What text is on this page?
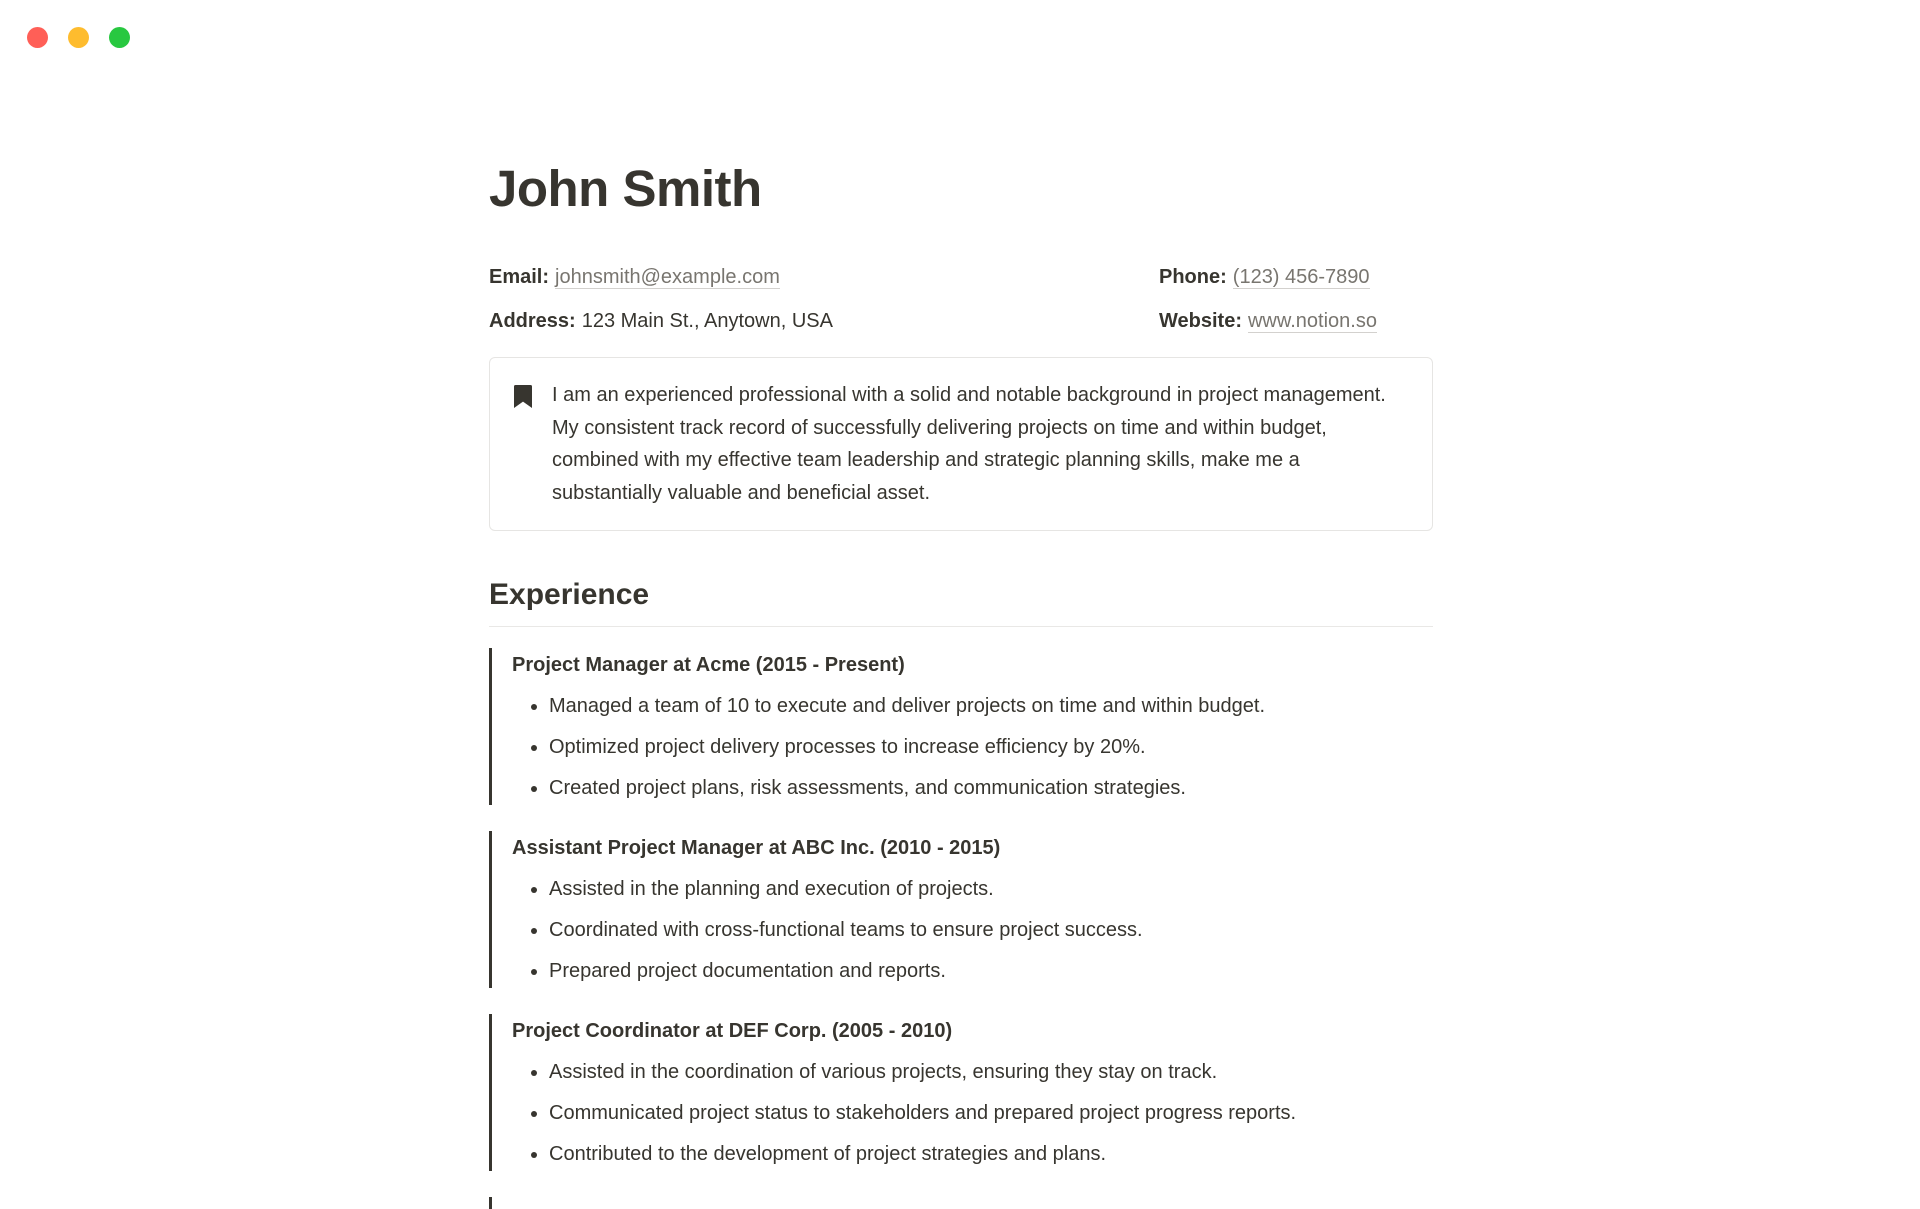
John Smith
Email: johnsmith@example.com	Phone: (123) 456-7890
Address: 123 Main St., Anytown, USA	Website: www.notion.so

I am an experienced professional with a solid and notable background in project management. My consistent track record of successfully delivering projects on time and within budget, combined with my effective team leadership and strategic planning skills, make me a substantially valuable and beneficial asset.

Experience
Project Manager at Acme (2015 - Present)
• Managed a team of 10 to execute and deliver projects on time and within budget.
• Optimized project delivery processes to increase efficiency by 20%.
• Created project plans, risk assessments, and communication strategies.
Assistant Project Manager at ABC Inc. (2010 - 2015)
• Assisted in the planning and execution of projects.
• Coordinated with cross-functional teams to ensure project success.
• Prepared project documentation and reports.
Project Coordinator at DEF Corp. (2005 - 2010)
• Assisted in the coordination of various projects, ensuring they stay on track.
• Communicated project status to stakeholders and prepared project progress reports.
• Contributed to the development of project strategies and plans.
